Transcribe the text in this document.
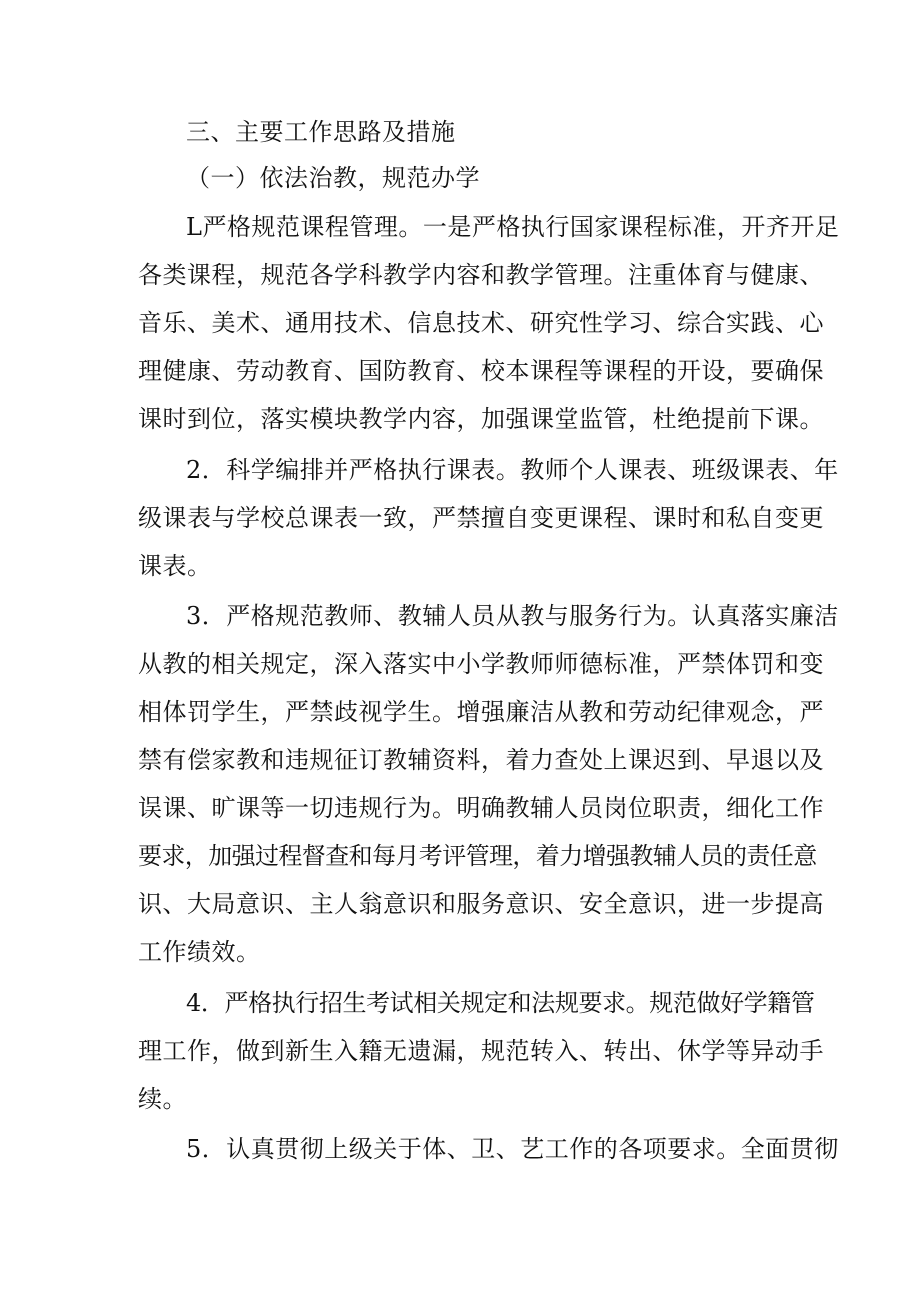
三、主要工作思路及措施
（一）依法治教，规范办学
L严格规范课程管理。一是严格执行国家课程标准，开齐开足
各类课程，规范各学科教学内容和教学管理。注重体育与健康、
音乐、美术、通用技术、信息技术、研究性学习、综合实践、心
理健康、劳动教育、国防教育、校本课程等课程的开设，要确保
课时到位，落实模块教学内容，加强课堂监管，杜绝提前下课。
2．科学编排并严格执行课表。教师个人课表、班级课表、年
级课表与学校总课表一致，严禁擅自变更课程、课时和私自变更
课表。
3．严格规范教师、教辅人员从教与服务行为。认真落实廉洁
从教的相关规定，深入落实中小学教师师德标准，严禁体罚和变
相体罚学生，严禁歧视学生。增强廉洁从教和劳动纪律观念，严
禁有偿家教和违规征订教辅资料，着力查处上课迟到、早退以及
误课、旷课等一切违规行为。明确教辅人员岗位职责，细化工作
要求，加强过程督查和每月考评管理，着力增强教辅人员的责任意
识、大局意识、主人翁意识和服务意识、安全意识，进一步提高
工作绩效。
4．严格执行招生考试相关规定和法规要求。规范做好学籍管
理工作，做到新生入籍无遗漏，规范转入、转出、休学等异动手
续。
5．认真贯彻上级关于体、卫、艺工作的各项要求。全面贯彻
